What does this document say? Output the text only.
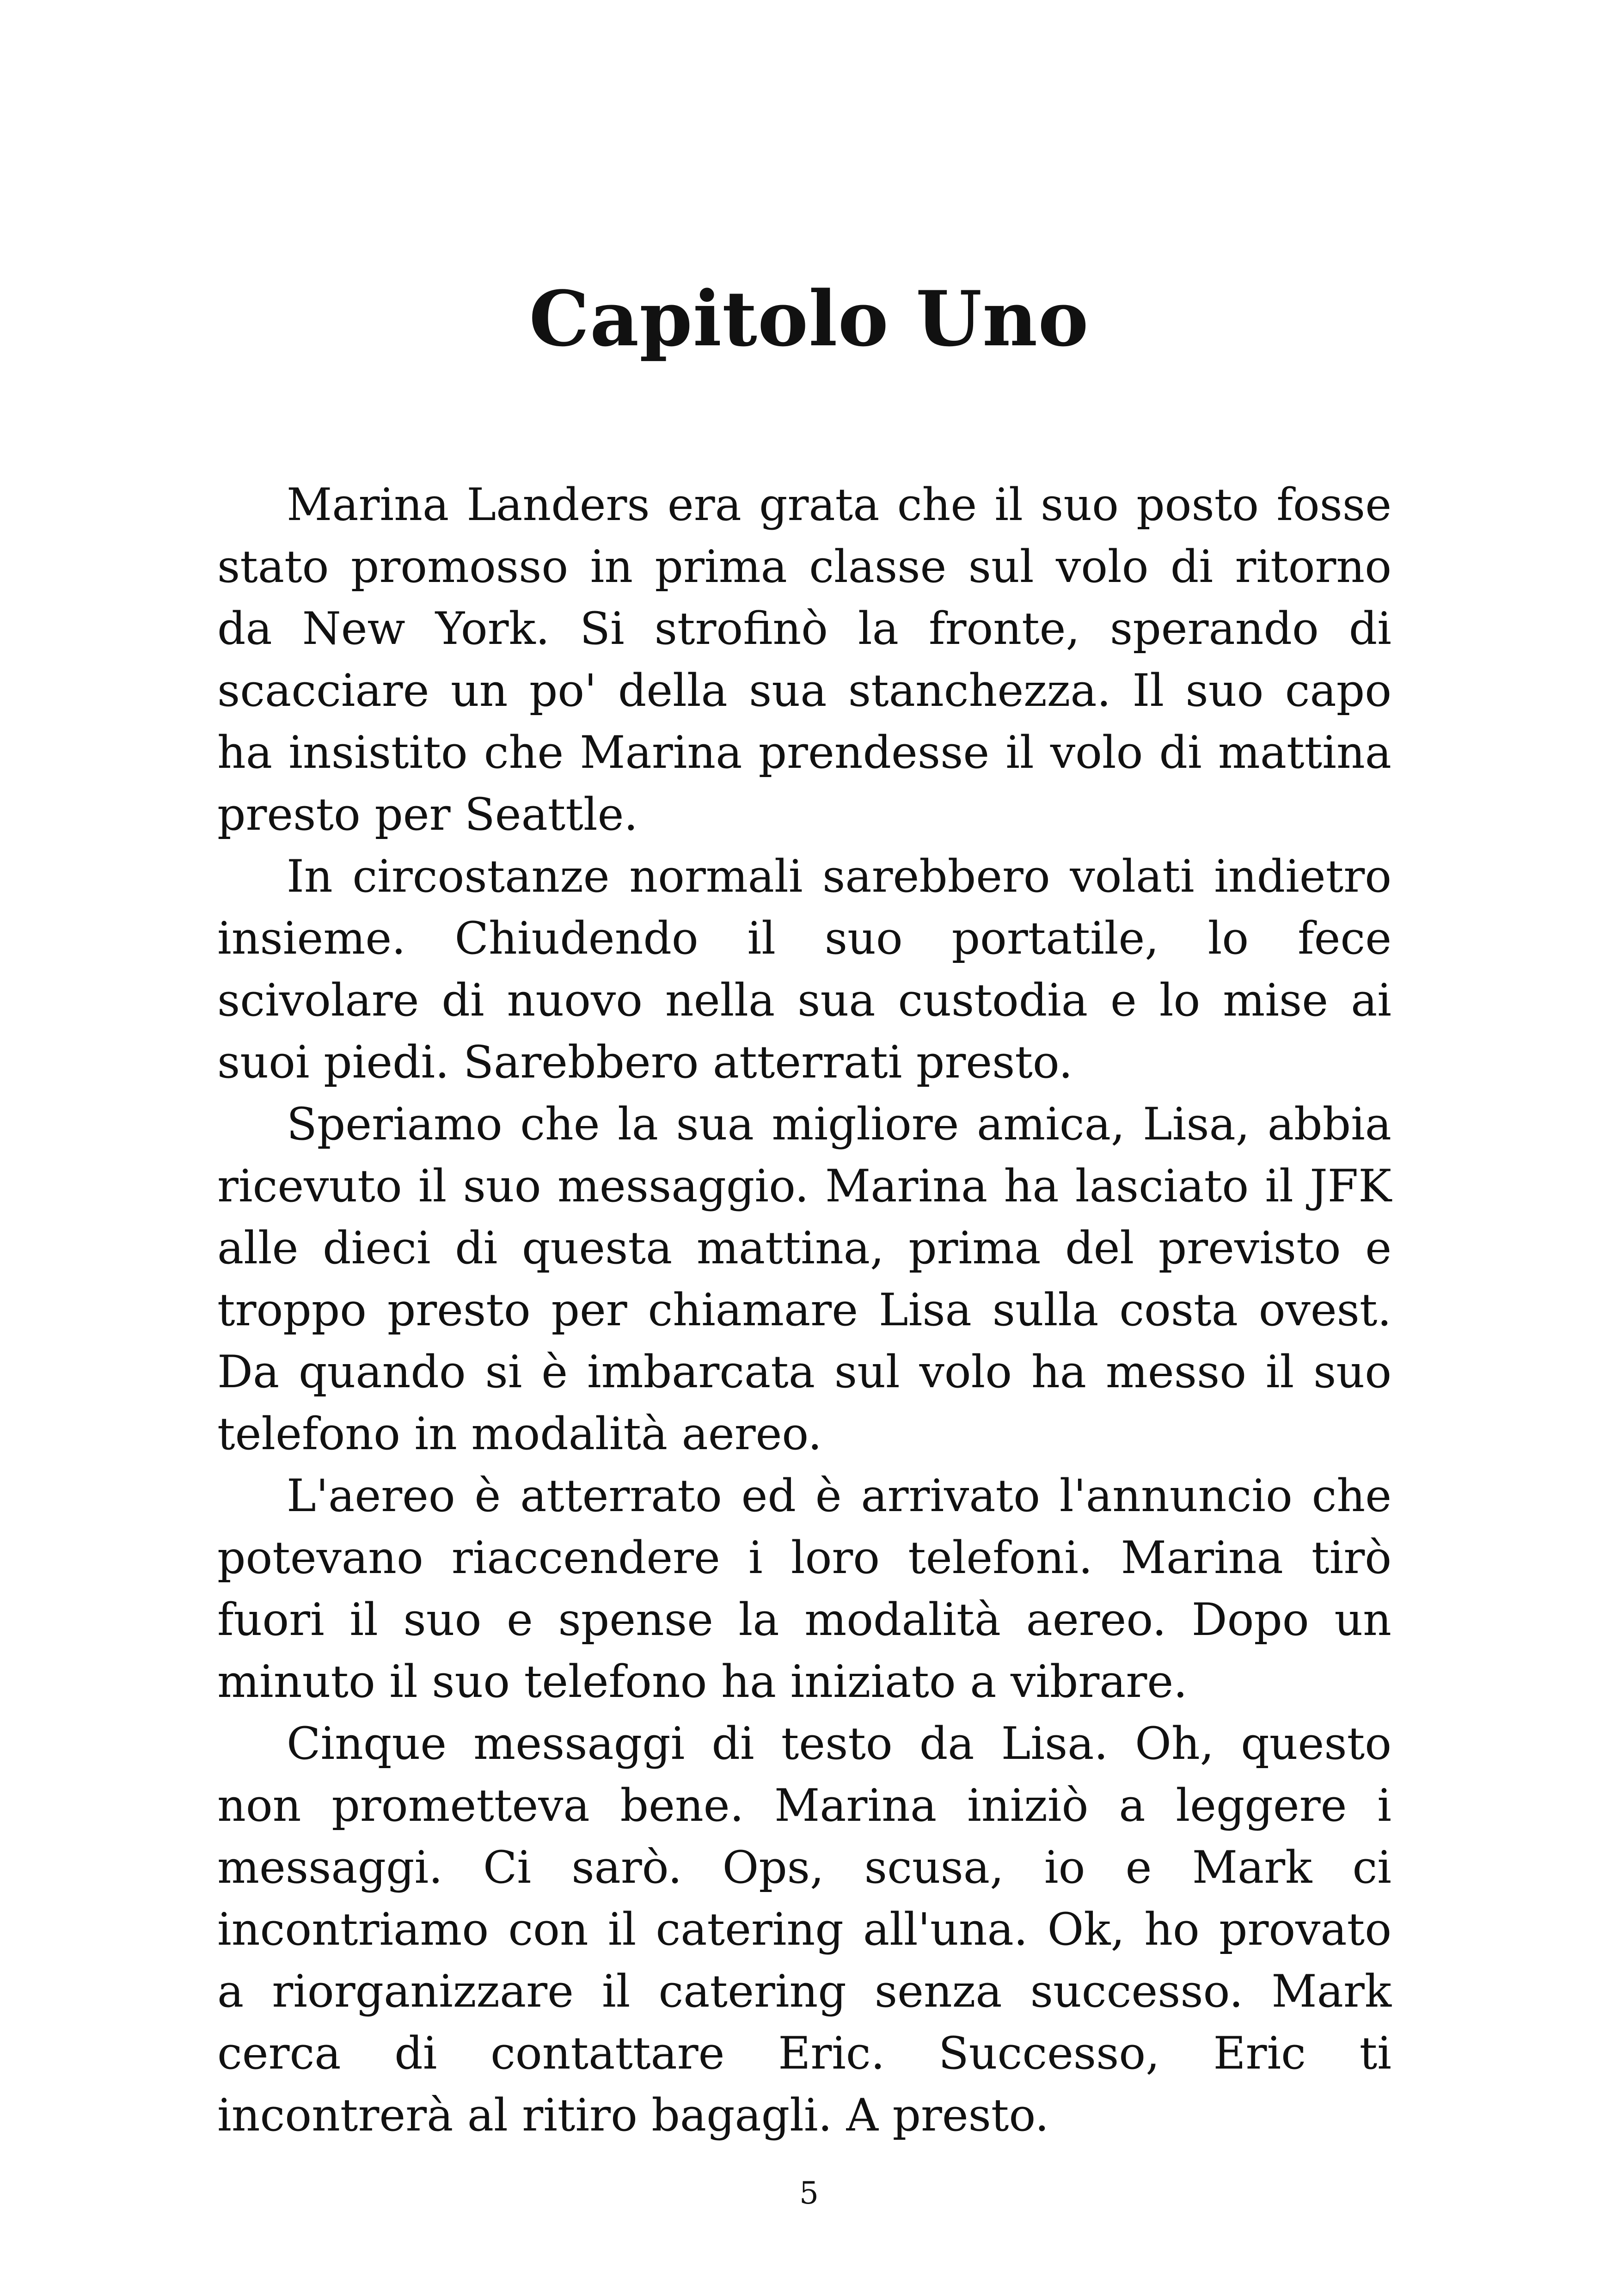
Capitolo Uno

Marina Landers era grata che il suo posto fosse stato promosso in prima classe sul volo di ritorno da New York. Si strofinò la fronte, sperando di scacciare un po' della sua stanchezza. Il suo capo ha insistito che Marina prendesse il volo di mattina presto per Seattle.

In circostanze normali sarebbero volati indietro insieme. Chiudendo il suo portatile, lo fece scivolare di nuovo nella sua custodia e lo mise ai suoi piedi. Sarebbero atterrati presto.

Speriamo che la sua migliore amica, Lisa, abbia ricevuto il suo messaggio. Marina ha lasciato il JFK alle dieci di questa mattina, prima del previsto e troppo presto per chiamare Lisa sulla costa ovest. Da quando si è imbarcata sul volo ha messo il suo telefono in modalità aereo.

L'aereo è atterrato ed è arrivato l'annuncio che potevano riaccendere i loro telefoni. Marina tirò fuori il suo e spense la modalità aereo. Dopo un minuto il suo telefono ha iniziato a vibrare.

Cinque messaggi di testo da Lisa. Oh, questo non prometteva bene. Marina iniziò a leggere i messaggi. Ci sarò. Ops, scusa, io e Mark ci incontriamo con il catering all'una. Ok, ho provato a riorganizzare il catering senza successo. Mark cerca di contattare Eric. Successo, Eric ti incontrerà al ritiro bagagli. A presto.

5
